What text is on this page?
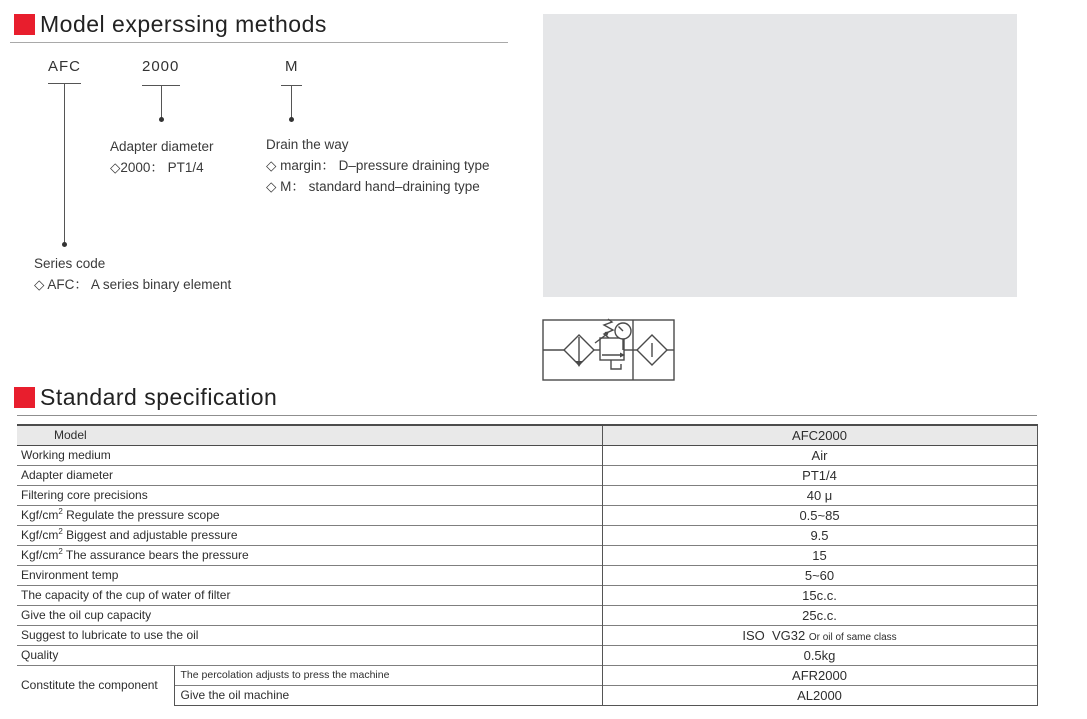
Model experssing methods
AFC	2000	M
Adapter diameter
◇2000： PT1/4
Drain the way
◇ margin： D–pressure draining type
◇ M： standard hand–draining type
Series code
◇ AFC： A series binary element
Standard specification
Model		AFC2000
Working medium		Air
Adapter diameter		PT1/4
Filtering core precisions		40 μ
Kgf/$cm^2$ Regulate the pressure scope		0.5~85
Kgf/$cm^2$ Biggest and adjustable pressure		9.5
Kgf/$cm^2$ The assurance bears the pressure		15
Environment temp		5~60
The capacity of the cup of water of filter		15c.c.
Give the oil cup capacity		25c.c.
Suggest to lubricate to use the oil		ISO  VG32 Or oil of same class
Quality		0.5kg
Constitute the component	The percolation adjusts to press the machine	AFR2000
	Give the oil machine	AL2000
